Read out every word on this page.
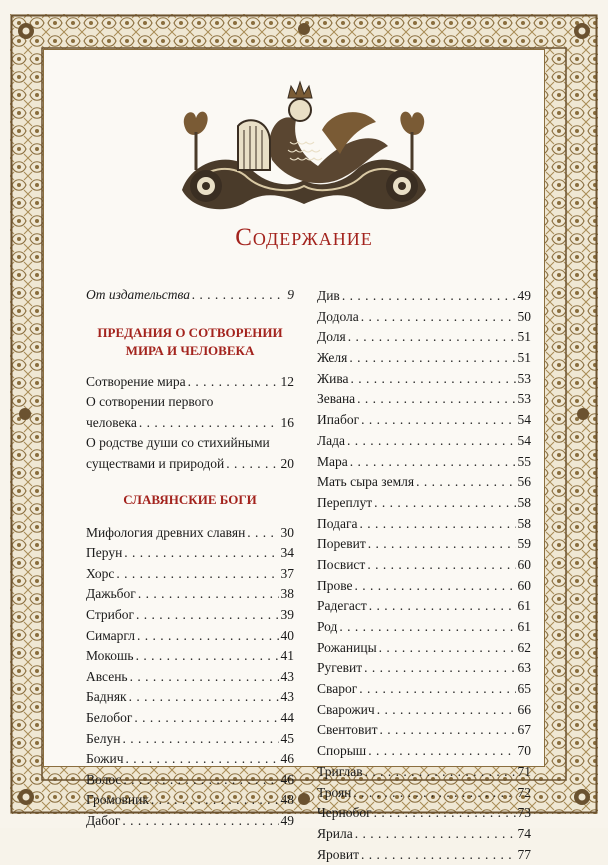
Содержание
От издательства . . .	9
ПРЕДАНИЯ О СОТВОРЕНИИ
МИРА И ЧЕЛОВЕКА
Сотворение мира . . .	12
О сотворении первого
человека . . .	16
О родстве души со стихийными
существами и природой . . .	20
СЛАВЯНСКИЕ БОГИ
Мифология древних славян . . .	30
Перун . . .	34
Хорс . . .	37
Дажьбог . . .	38
Стрибог . . .	39
Симаргл . . .	40
Мокошь . . .	41
Авсень . . .	43
Бадняк . . .	43
Белобог . . .	44
Белун . . .	45
Божич . . .	46
Волос . . .	46
Громовник . . .	48
Дабог . . .	49
Див . . .	49
Додола . . .	50
Доля . . .	51
Желя . . .	51
Жива . . .	53
Зевана . . .	53
Ипабог . . .	54
Лада . . .	54
Мара . . .	55
Мать сыра земля . . .	56
Переплут . . .	58
Подага . . .	58
Поревит . . .	59
Посвист . . .	60
Прове . . .	60
Радегаст . . .	61
Род . . .	61
Рожаницы . . .	62
Ругевит . . .	63
Сварог . . .	65
Сварожич . . .	66
Свентовит . . .	67
Спорыш . . .	70
Триглав . . .	71
Троян . . .	72
Чернобог . . .	73
Ярила . . .	74
Яровит . . .	77
